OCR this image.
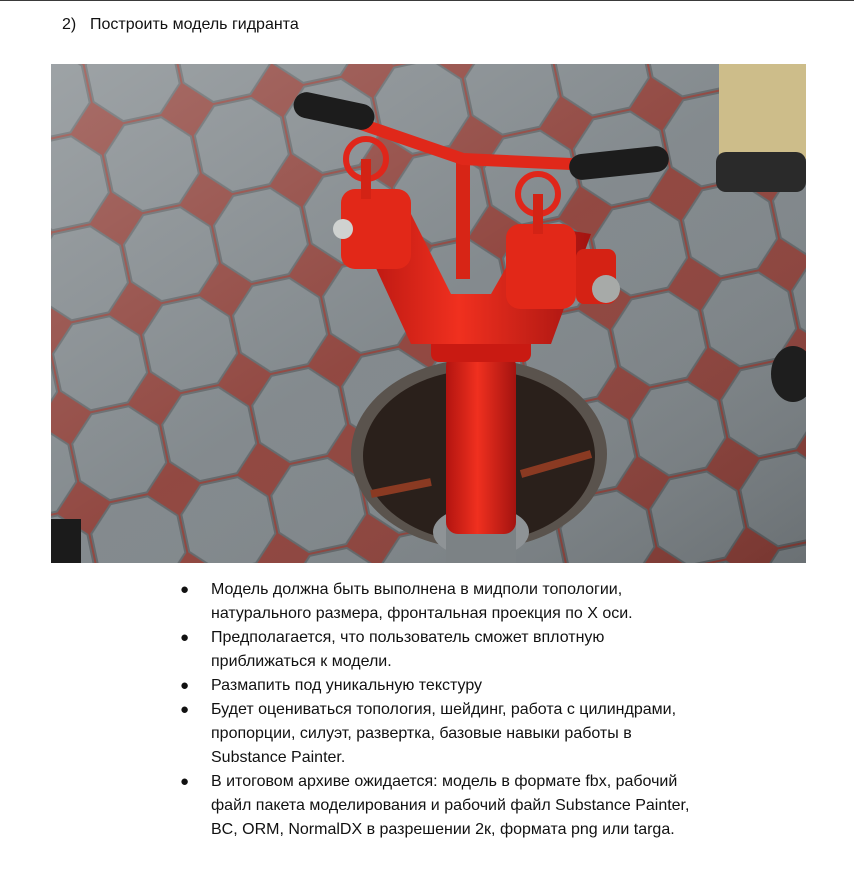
2) Построить модель гидранта
● Модель должна быть выполнена в мидполи топологии,
натурального размера, фронтальная проекция по X оси.
● Предполагается, что пользователь сможет вплотную
приближаться к модели.
● Размапить под уникальную текстуру
● Будет оцениваться топология, шейдинг, работа с цилиндрами,
пропорции, силуэт, развертка, базовые навыки работы в
Substance Painter.
● В итоговом архиве ожидается: модель в формате fbx, рабочий
файл пакета моделирования и рабочий файл Substance Painter,
BC, ORM, NormalDX в разрешении 2к, формата png или targa.
